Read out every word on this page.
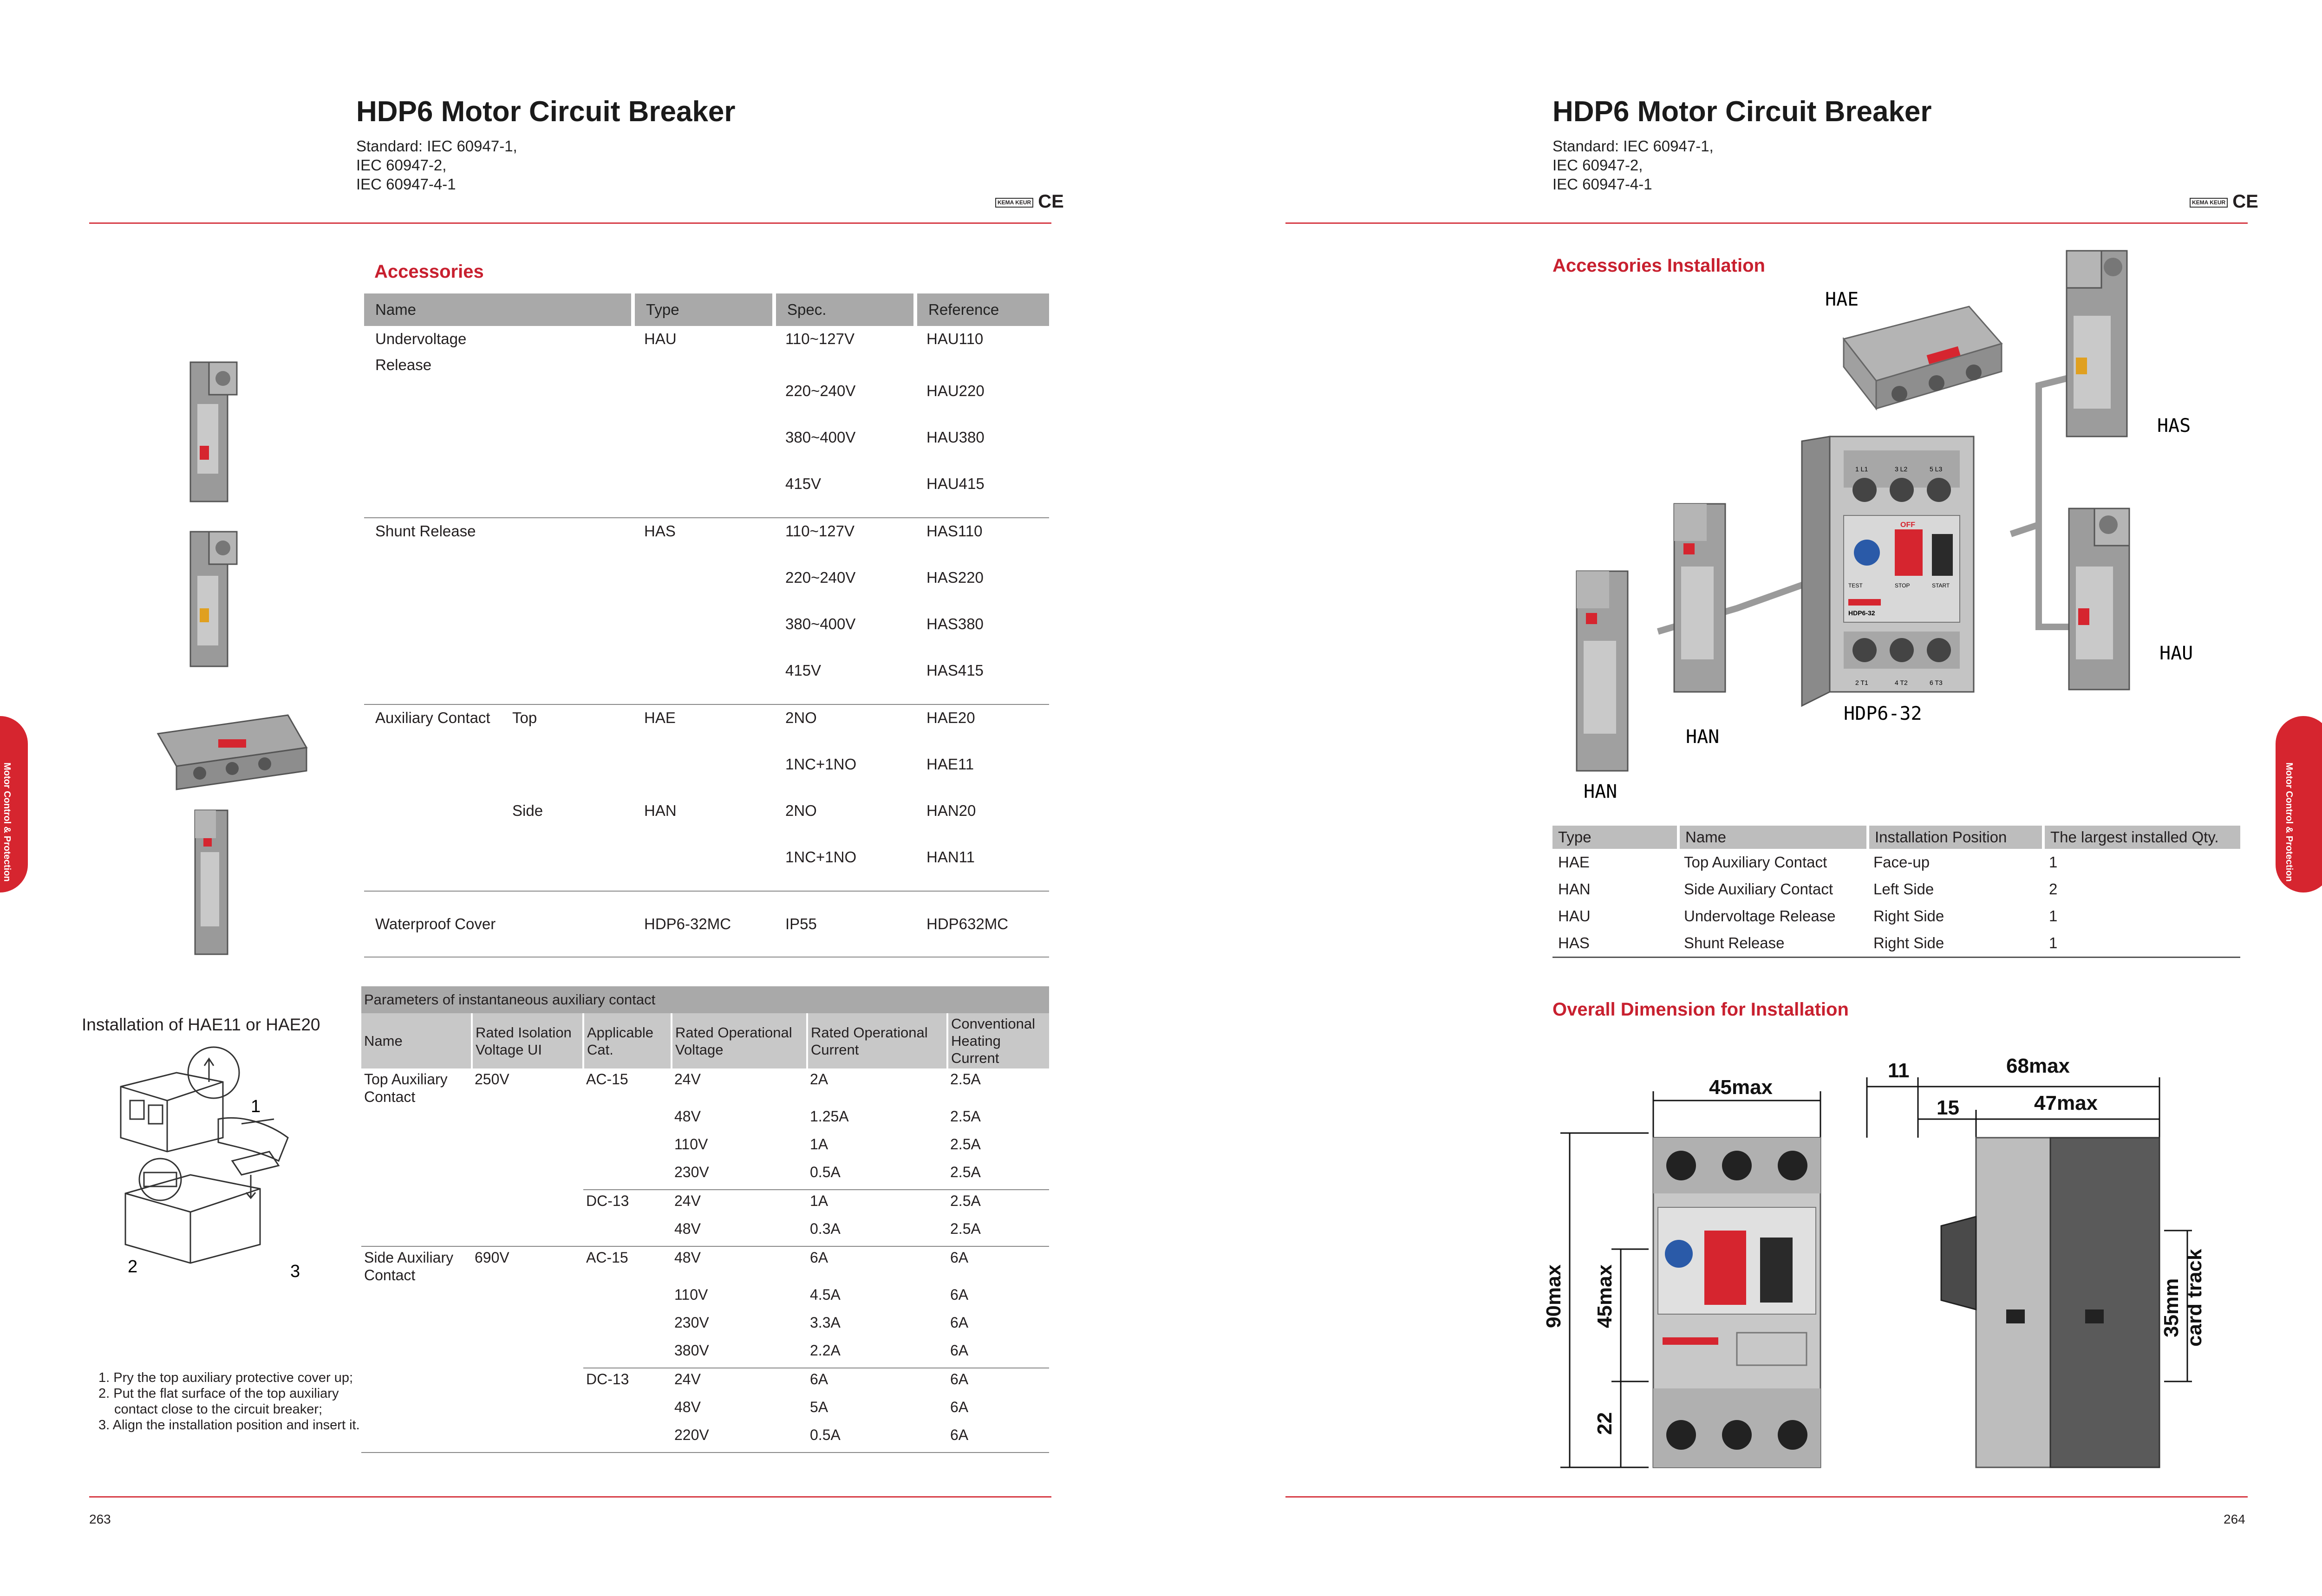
HDP6 Motor Circuit Breaker
Standard: IEC 60947-1,
IEC 60947-2,
IEC 60947-4-1
KEMA KEUR CE
Accessories
Name	Type	Spec.	Reference
Undervoltage Release	HAU	110~127V	HAU110
		220~240V	HAU220
		380~400V	HAU380
		415V	HAU415
Shunt Release	HAS	110~127V	HAS110
		220~240V	HAS220
		380~400V	HAS380
		415V	HAS415
Auxiliary Contact Top	HAE	2NO	HAE20
		1NC+1NO	HAE11
Side	HAN	2NO	HAN20
		1NC+1NO	HAN11
Waterproof Cover	HDP6-32MC	IP55	HDP632MC
Installation of HAE11 or HAE20
1
2	3
1. Pry the top auxiliary protective cover up;
2. Put the flat surface of the top auxiliary
contact close to the circuit breaker;
3. Align the installation position and insert it.
Parameters of instantaneous auxiliary contact					
Name	Rated Isolation Voltage UI	Applicable Cat.	Rated Operational Voltage	Rated Operational Current	Conventional Heating Current
Top Auxiliary Contact	250V	AC-15	24V	2A	2.5A
			48V	1.25A	2.5A
			110V	1A	2.5A
			230V	0.5A	2.5A
		DC-13	24V	1A	2.5A
			48V	0.3A	2.5A
Side Auxiliary Contact	690V	AC-15	48V	6A	6A
			110V	4.5A	6A
			230V	3.3A	6A
			380V	2.2A	6A
		DC-13	24V	6A	6A
			48V	5A	6A
			220V	0.5A	6A
263
Motor Control & Protection
HDP6 Motor Circuit Breaker
Standard: IEC 60947-1,
IEC 60947-2,
IEC 60947-4-1
KEMA KEUR CE
Accessories Installation
HAE
HAS
HAU
1 L1	3 L2	5 L3
OFF
STOP	START
TEST
HDP6-32
2 T1	4 T2	6 T3
HDP6-32
HAN
HAN
Type	Name	Installation Position	The largest installed Qty.
HAE	Top Auxiliary Contact	Face-up	1
HAN	Side Auxiliary Contact	Left Side	2
HAU	Undervoltage Release	Right Side	1
HAS	Shunt Release	Right Side	1
Overall Dimension for Installation
45max
90max 45max
22
11	68max
15	47max
35mm card track
264
Motor Control & Protection
